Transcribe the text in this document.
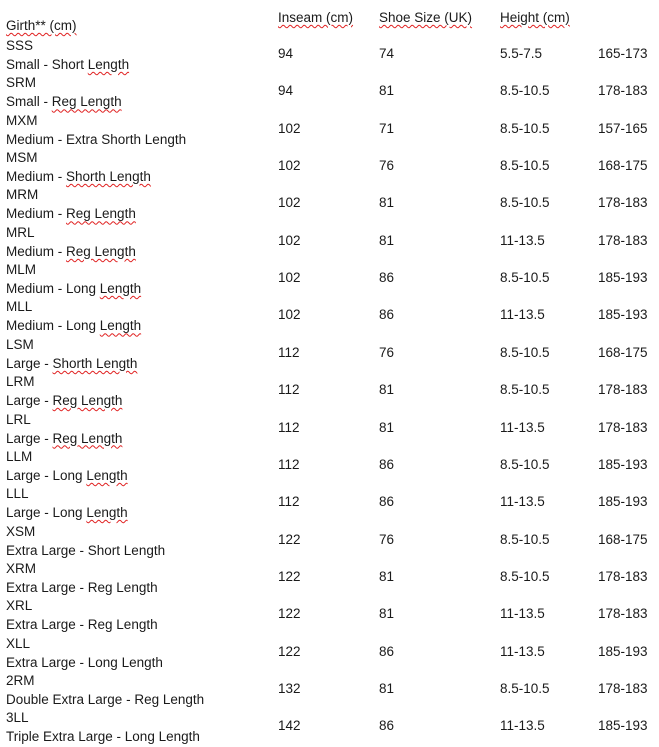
Girth** (cm)
Inseam (cm) Shoe Size (UK) Height (cm)
SSS
Small - Short Length
94	74	5.5-7.5	165-173
SRM
Small - Reg Length
94	81	8.5-10.5	178-183
MXM
Medium - Extra Shorth Length
102	71	8.5-10.5	157-165
MSM
Medium - Shorth Length
102	76	8.5-10.5	168-175
MRM
Medium - Reg Length
102	81	8.5-10.5	178-183
MRL
Medium - Reg Length
102	81	11-13.5	178-183
MLM
Medium - Long Length
102	86	8.5-10.5	185-193
MLL
Medium - Long Length
102	86	11-13.5	185-193
LSM
Large - Shorth Length
112	76	8.5-10.5	168-175
LRM
Large - Reg Length
112	81	8.5-10.5	178-183
LRL
Large - Reg Length
112	81	11-13.5	178-183
LLM
Large - Long Length
112	86	8.5-10.5	185-193
LLL
Large - Long Length
112	86	11-13.5	185-193
XSM
Extra Large - Short Length
122	76	8.5-10.5	168-175
XRM
Extra Large - Reg Length
122	81	8.5-10.5	178-183
XRL
Extra Large - Reg Length
122	81	11-13.5	178-183
XLL
Extra Large - Long Length
122	86	11-13.5	185-193
2RM
Double Extra Large - Reg Length
132	81	8.5-10.5	178-183
3LL
Triple Extra Large - Long Length
142	86	11-13.5	185-193
